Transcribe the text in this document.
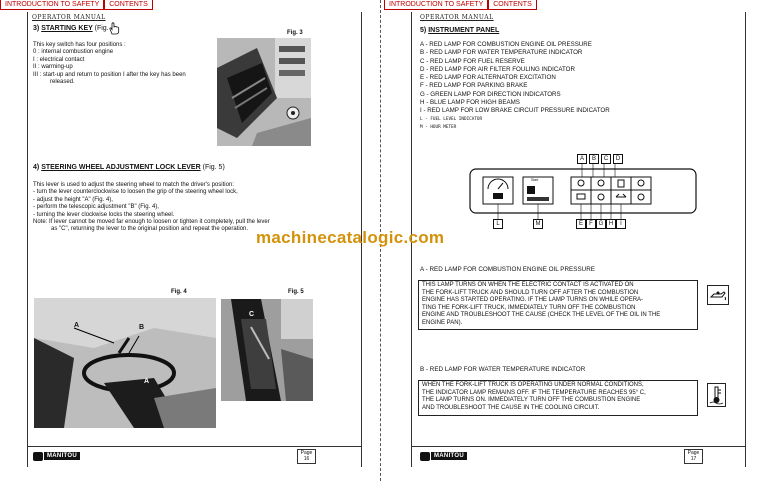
INTRODUCTION TO SAFETY	CONTENTS
OPERATOR MANUAL
3) STARTING KEY (Fig.
Fig. 3
This key switch has four positions :
0 : internal combustion engine
I : electrical contact
II : warming-up
III : start-up and return to position I after the key has been
released.
4) STEERING WHEEL ADJUSTMENT LOCK LEVER (Fig. 5)
This lever is used to adjust the steering wheel to match the driver's position:
- turn the lever counterclockwise to loosen the grip of the steering wheel lock,
- adjust the height "A" (Fig. 4),
- perform the telescopic adjustment "B" (Fig. 4),
- turning the lever clockwise locks the steering wheel.
Note: If lever cannot be moved far enough to loosen or tighten it completely, pull the lever
as "C", returning the lever to the original position and repeat the operation.
Fig. 4	Fig. 5
A	B
A
C
MANITOU	Page
16
INTRODUCTION TO SAFETY	CONTENTS
OPERATOR MANUAL
5) INSTRUMENT PANEL
A - RED LAMP FOR COMBUSTION ENGINE OIL PRESSURE
B - RED LAMP FOR WATER TEMPERATURE INDICATOR
C - RED LAMP FOR FUEL RESERVE
D - RED LAMP FOR AIR FILTER FOULING INDICATOR
E - RED LAMP FOR ALTERNATOR EXCITATION
F - RED LAMP FOR PARKING BRAKE
G - GREEN LAMP FOR DIRECTION INDICATORS
H - BLUE LAMP FOR HIGH BEAMS
I - RED LAMP FOR LOW BRAKE CIRCUIT PRESSURE INDICATOR
L - FUEL LEVEL INDICATOR
M - HOUR METER
Start
A	B	C	D
L	M	E	F G H	I
A - RED LAMP FOR COMBUSTION ENGINE OIL PRESSURE
THIS LAMP TURNS ON WHEN THE ELECTRIC CONTACT IS ACTIVATED ON
THE FORK-LIFT TRUCK AND SHOULD TURN OFF AFTER THE COMBUSTION
ENGINE HAS STARTED OPERATING. IF THE LAMP TURNS ON WHILE OPERA-
TING THE FORK-LIFT TRUCK, IMMEDIATELY TURN OFF THE COMBUSTION
ENGINE AND TROUBLESHOOT THE CAUSE (CHECK THE LEVEL OF THE OIL IN THE
ENGINE PAN).
B - RED LAMP FOR WATER TEMPERATURE INDICATOR
WHEN THE FORK-LIFT TRUCK IS OPERATING UNDER NORMAL CONDITIONS,
THE INDICATOR LAMP REMAINS OFF. IF THE TEMPERATURE REACHES 95° C,
THE LAMP TURNS ON. IMMEDIATELY TURN OFF THE COMBUSTION ENGINE
AND TROUBLESHOOT THE CAUSE IN THE COOLING CIRCUIT.
MANITOU	Page
17
machinecatalogic.com
